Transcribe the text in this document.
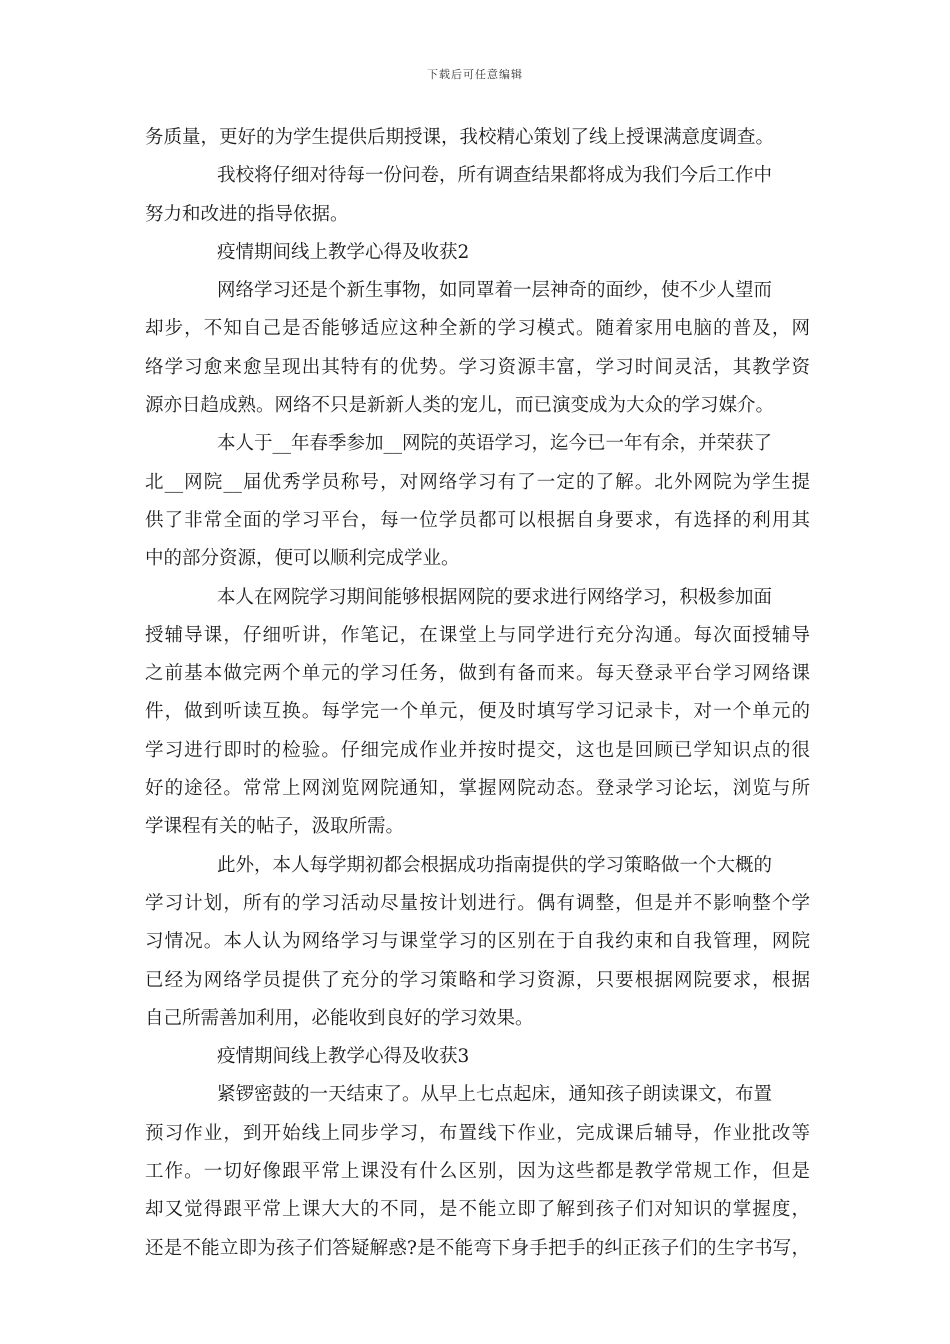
下载后可任意编辑
务质量，更好的为学生提供后期授课，我校精心策划了线上授课满意度调查。
我校将仔细对待每一份问卷，所有调查结果都将成为我们今后工作中
努力和改进的指导依据。
疫情期间线上教学心得及收获2
网络学习还是个新生事物，如同罩着一层神奇的面纱，使不少人望而
却步，不知自己是否能够适应这种全新的学习模式。随着家用电脑的普及，网
络学习愈来愈呈现出其特有的优势。学习资源丰富，学习时间灵活，其教学资
源亦日趋成熟。网络不只是新新人类的宠儿，而已演变成为大众的学习媒介。
本人于__年春季参加__网院的英语学习，迄今已一年有余，并荣获了
北__网院__届优秀学员称号，对网络学习有了一定的了解。北外网院为学生提
供了非常全面的学习平台，每一位学员都可以根据自身要求，有选择的利用其
中的部分资源，便可以顺利完成学业。
本人在网院学习期间能够根据网院的要求进行网络学习，积极参加面
授辅导课，仔细听讲，作笔记，在课堂上与同学进行充分沟通。每次面授辅导
之前基本做完两个单元的学习任务，做到有备而来。每天登录平台学习网络课
件，做到听读互换。每学完一个单元，便及时填写学习记录卡，对一个单元的
学习进行即时的检验。仔细完成作业并按时提交，这也是回顾已学知识点的很
好的途径。常常上网浏览网院通知，掌握网院动态。登录学习论坛，浏览与所
学课程有关的帖子，汲取所需。
此外，本人每学期初都会根据成功指南提供的学习策略做一个大概的
学习计划，所有的学习活动尽量按计划进行。偶有调整，但是并不影响整个学
习情况。本人认为网络学习与课堂学习的区别在于自我约束和自我管理，网院
已经为网络学员提供了充分的学习策略和学习资源，只要根据网院要求，根据
自己所需善加利用，必能收到良好的学习效果。
疫情期间线上教学心得及收获3
紧锣密鼓的一天结束了。从早上七点起床，通知孩子朗读课文，布置
预习作业，到开始线上同步学习，布置线下作业，完成课后辅导，作业批改等
工作。一切好像跟平常上课没有什么区别，因为这些都是教学常规工作，但是
却又觉得跟平常上课大大的不同，是不能立即了解到孩子们对知识的掌握度，
还是不能立即为孩子们答疑解惑?是不能弯下身手把手的纠正孩子们的生字书写，
